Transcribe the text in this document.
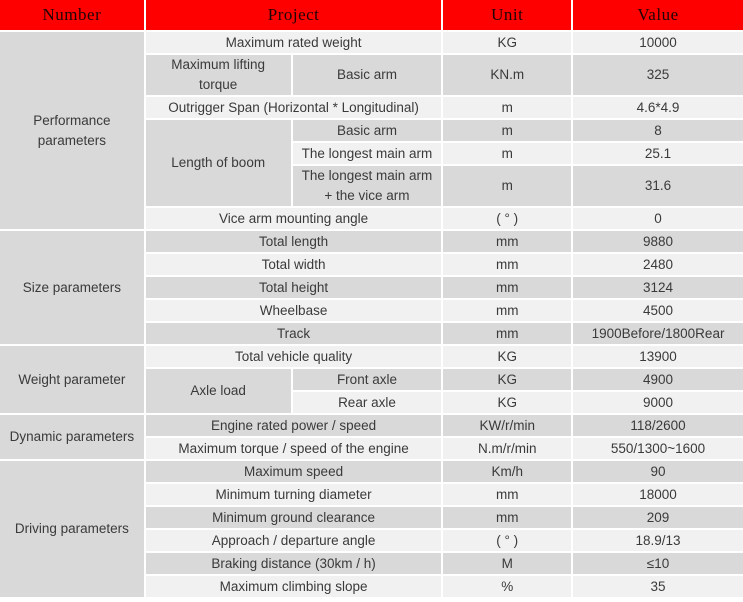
Number	Project		Unit	Value
Performance parameters	Maximum rated weight		KG	10000
	Maximum lifting torque	Basic arm	KN.m	325
	Outrigger Span (Horizontal * Longitudinal)		m	4.6*4.9
	Length of boom	Basic arm	m	8
		The longest main arm	m	25.1
		The longest main arm + the vice arm	m	31.6
	Vice arm mounting angle		( ° )	0
Size parameters	Total length		mm	9880
	Total width		mm	2480
	Total height		mm	3124
	Wheelbase		mm	4500
	Track		mm	1900Before/1800Rear
Weight parameter	Total vehicle quality		KG	13900
	Axle load	Front axle	KG	4900
		Rear axle	KG	9000
Dynamic parameters	Engine rated power / speed		KW/r/min	118/2600
	Maximum torque / speed of the engine		N.m/r/min	550/1300~1600
Driving parameters	Maximum speed		Km/h	90
	Minimum turning diameter		mm	18000
	Minimum ground clearance		mm	209
	Approach / departure angle		( ° )	18.9/13
	Braking distance (30km / h)		M	≤10
	Maximum climbing slope		%	35
